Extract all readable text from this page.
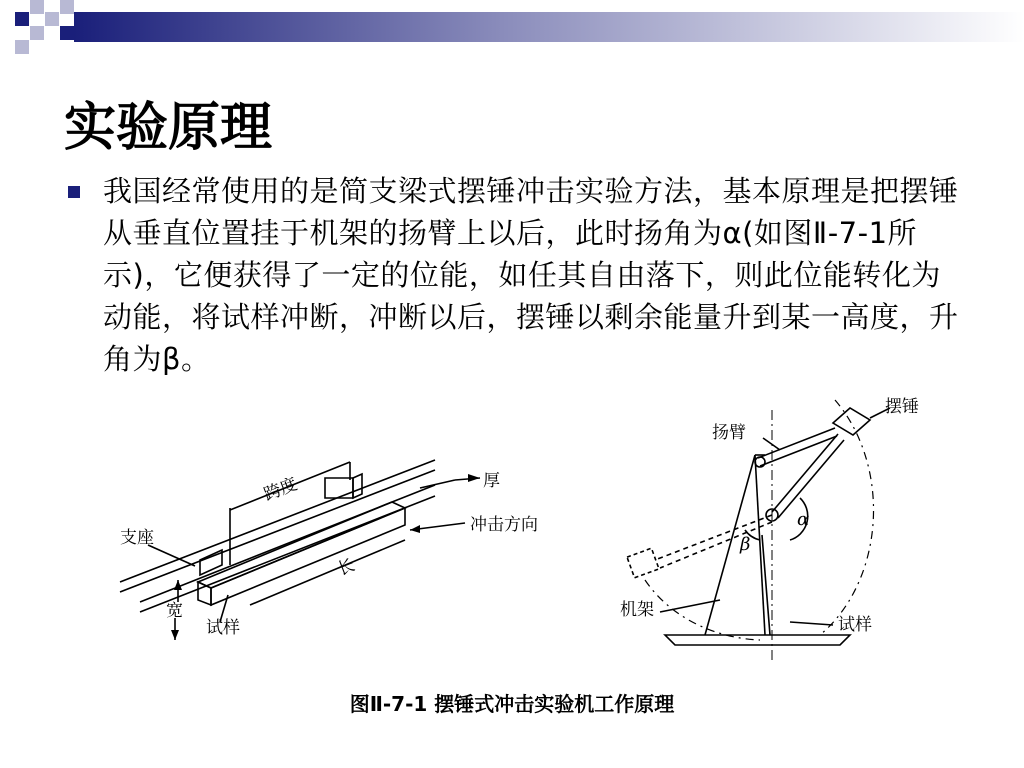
实验原理

我国经常使用的是简支梁式摆锤冲击实验方法，基本原理是把摆锤从垂直位置挂于机架的扬臂上以后，此时扬角为α(如图Ⅱ-7-1所示)，它便获得了一定的位能，如任其自由落下，则此位能转化为动能，将试样冲断，冲断以后，摆锤以剩余能量升到某一高度，升角为β。

跨度	厚
冲击方向
支座
长
宽
试样
扬臂
摆锤
α
β
机架
试样
图Ⅱ-7-1 摆锤式冲击实验机工作原理
